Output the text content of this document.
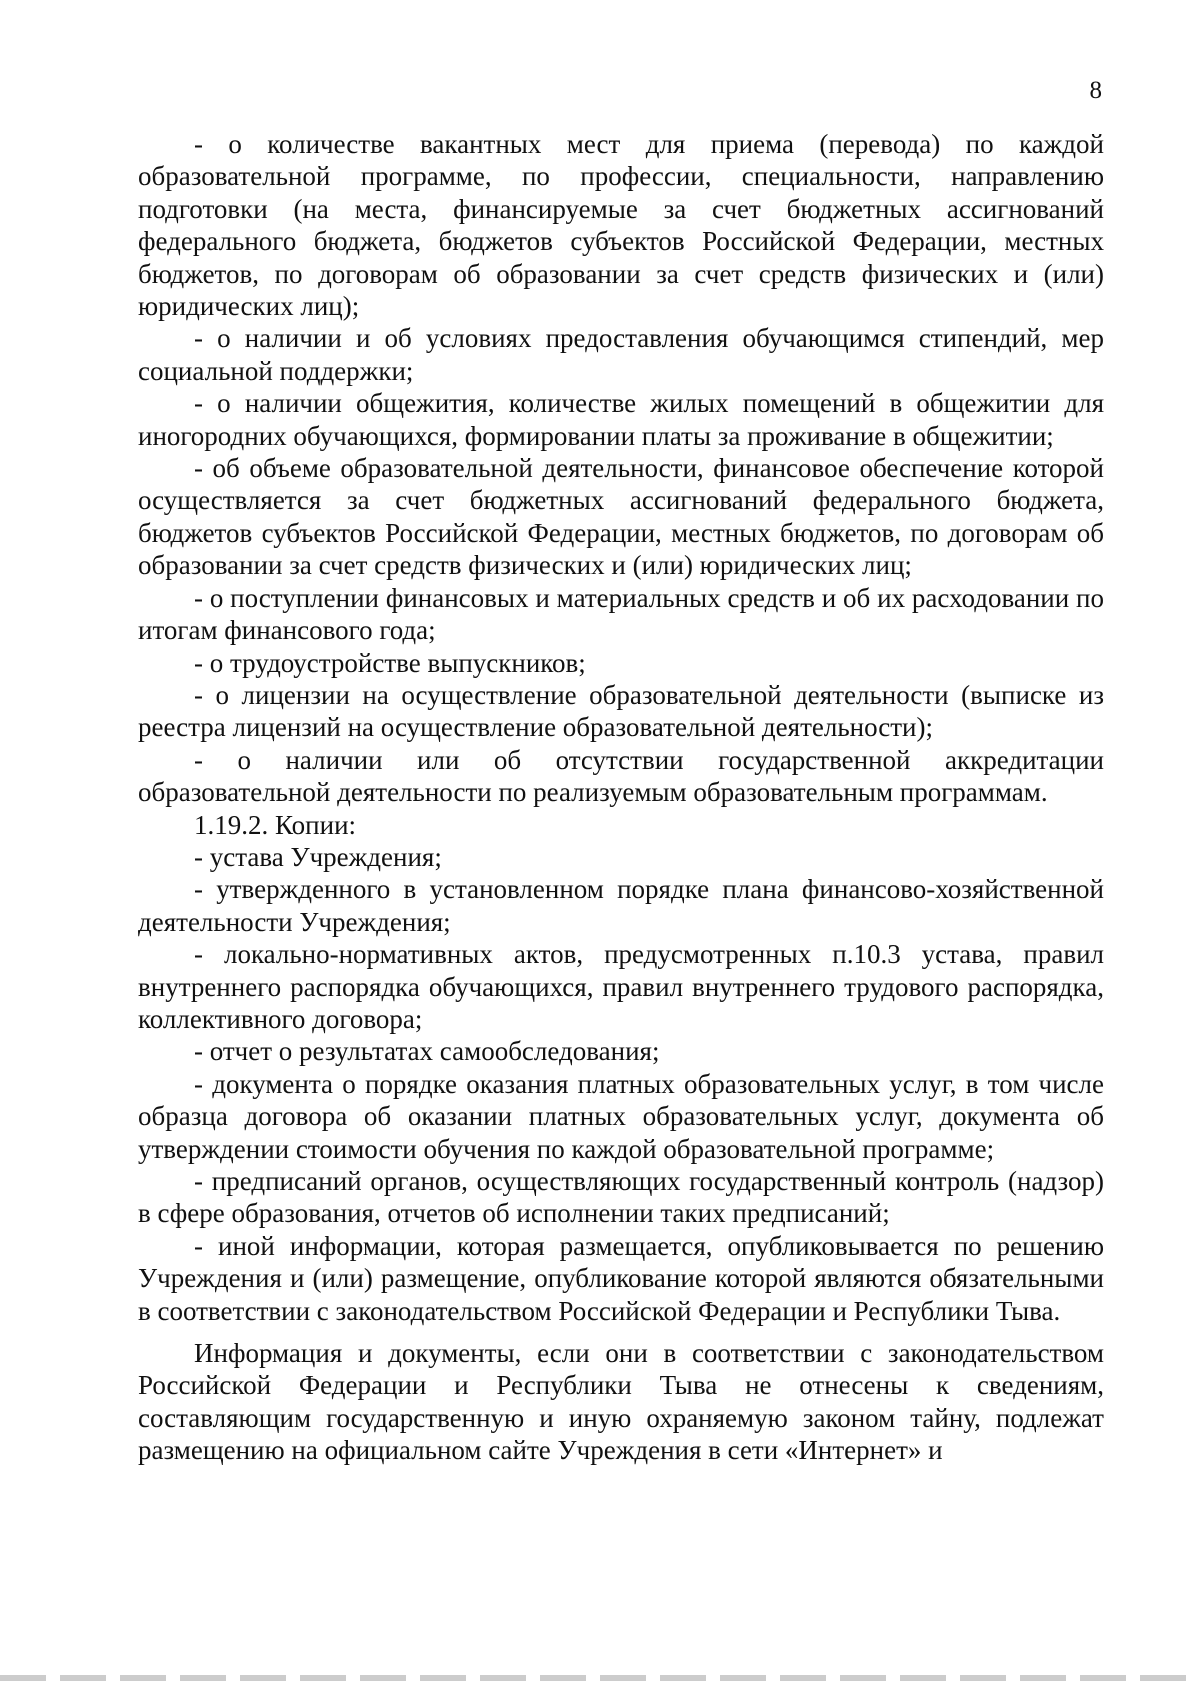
8

- о количестве вакантных мест для приема (перевода) по каждой образовательной программе, по профессии, специальности, направлению подготовки (на места, финансируемые за счет бюджетных ассигнований федерального бюджета, бюджетов субъектов Российской Федерации, местных бюджетов, по договорам об образовании за счет средств физических и (или) юридических лиц);

- о наличии и об условиях предоставления обучающимся стипендий, мер социальной поддержки;

- о наличии общежития, количестве жилых помещений в общежитии для иногородних обучающихся, формировании платы за проживание в общежитии;

- об объеме образовательной деятельности, финансовое обеспечение которой осуществляется за счет бюджетных ассигнований федерального бюджета, бюджетов субъектов Российской Федерации, местных бюджетов, по договорам об образовании за счет средств физических и (или) юридических лиц;

- о поступлении финансовых и материальных средств и об их расходовании по итогам финансового года;

- о трудоустройстве выпускников;

- о лицензии на осуществление образовательной деятельности (выписке из реестра лицензий на осуществление образовательной деятельности);

- о наличии или об отсутствии государственной аккредитации образовательной деятельности по реализуемым образовательным программам.

1.19.2. Копии:

- устава Учреждения;

- утвержденного в установленном порядке плана финансово-хозяйственной деятельности Учреждения;

- локально-нормативных актов, предусмотренных п.10.3 устава, правил внутреннего распорядка обучающихся, правил внутреннего трудового распорядка, коллективного договора;

- отчет о результатах самообследования;

- документа о порядке оказания платных образовательных услуг, в том числе образца договора об оказании платных образовательных услуг, документа об утверждении стоимости обучения по каждой образовательной программе;

- предписаний органов, осуществляющих государственный контроль (надзор) в сфере образования, отчетов об исполнении таких предписаний;

- иной информации, которая размещается, опубликовывается по решению Учреждения и (или) размещение, опубликование которой являются обязательными в соответствии с законодательством Российской Федерации и Республики Тыва.

Информация и документы, если они в соответствии с законодательством Российской Федерации и Республики Тыва не отнесены к сведениям, составляющим государственную и иную охраняемую законом тайну, подлежат размещению на официальном сайте Учреждения в сети «Интернет» и
